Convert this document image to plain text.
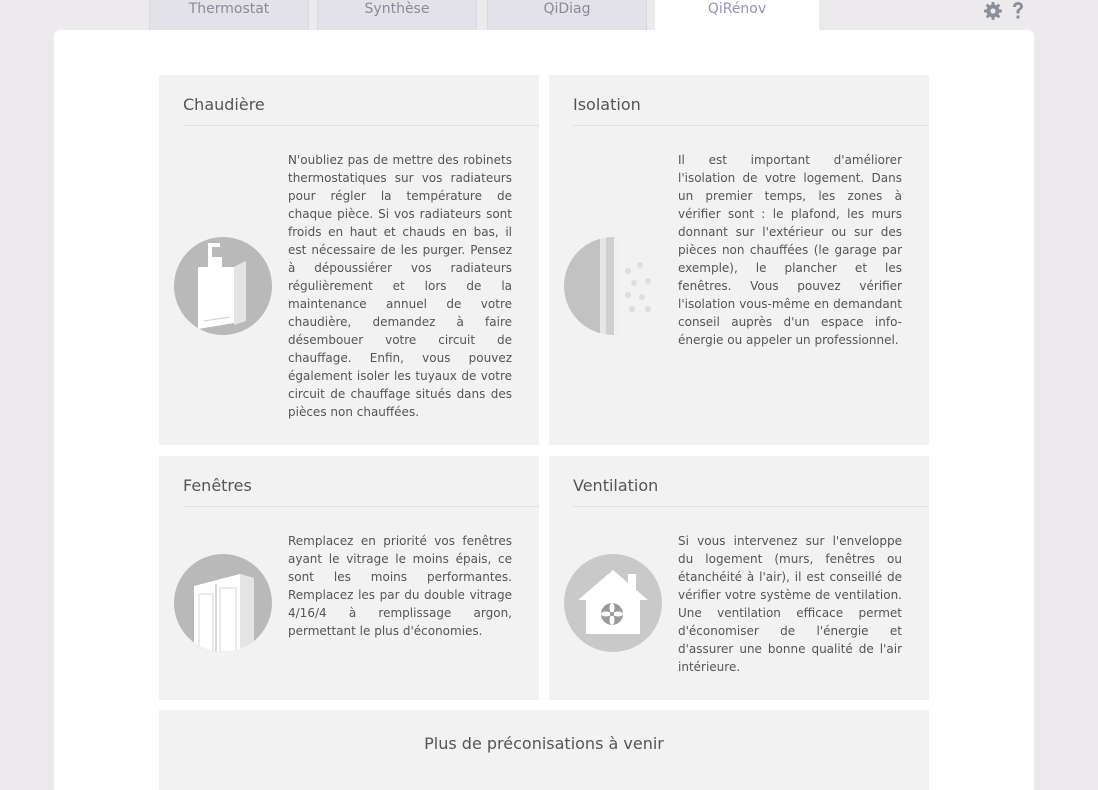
Thermostat	Synthèse	QiDiag	QiRénov
Chaudière

N'oubliez pas de mettre des robinets thermostatiques sur vos radiateurs pour régler la température de chaque pièce. Si vos radiateurs sont froids en haut et chauds en bas, il est nécessaire de les purger. Pensez à dépoussiérer vos radiateurs régulièrement et lors de la maintenance annuel de votre chaudière, demandez à faire désembouer votre circuit de chauffage. Enfin, vous pouvez également isoler les tuyaux de votre circuit de chauffage situés dans des pièces non chauffées.

Isolation

Il est important d'améliorer l'isolation de votre logement. Dans un premier temps, les zones à vérifier sont : le plafond, les murs donnant sur l'extérieur ou sur des pièces non chauffées (le garage par exemple), le plancher et les fenêtres. Vous pouvez vérifier l'isolation vous-même en demandant conseil auprès d'un espace info-énergie ou appeler un professionnel.

Fenêtres

Remplacez en priorité vos fenêtres ayant le vitrage le moins épais, ce sont les moins performantes. Remplacez les par du double vitrage 4/16/4 à remplissage argon, permettant le plus d'économies.

Ventilation

Si vous intervenez sur l'enveloppe du logement (murs, fenêtres ou étanchéité à l'air), il est conseillé de vérifier votre système de ventilation. Une ventilation efficace permet d'économiser de l'énergie et d'assurer une bonne qualité de l'air intérieure.

Plus de préconisations à venir
